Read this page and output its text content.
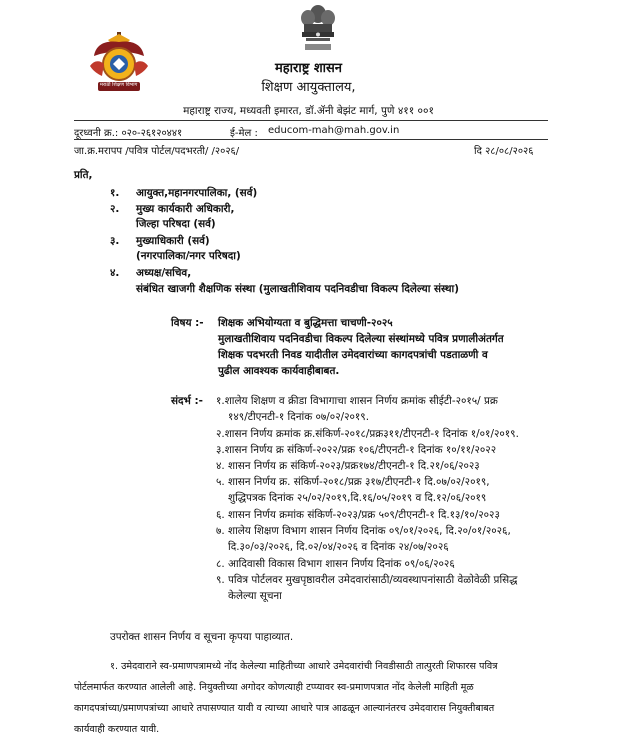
मराठी शिक्षण विभाग
महाराष्ट्र शासन
शिक्षण आयुक्तालय,
महाराष्ट्र राज्य, मध्यवती इमारत, डॉ.ॲनी बेझंट मार्ग, पुणे ४११ ००१
दूरध्वनी क्र.: ०२०-२६१२०४४१	ई-मेल : educom-mah@mah.gov.in
जा.क्र.मरापप /पवित्र पोर्टल/पदभरती/ /२०२६/	दि २८/०८/२०२६
प्रति,
१. आयुक्त,महानगरपालिका, (सर्व)
२. मुख्य कार्यकारी अधिकारी,
जिल्हा परिषदा (सर्व)
३. मुख्याधिकारी (सर्व)
(नगरपालिका/नगर परिषदा)
४. अध्यक्ष/सचिव,
संबंधित खाजगी शैक्षणिक संस्था (मुलाखतीशिवाय पदनिवडीचा विकल्प दिलेल्या संस्था)
विषय :- शिक्षक अभियोग्यता व बुद्धिमत्ता चाचणी-२०२५
मुलाखतीशिवाय पदनिवडीचा विकल्प दिलेल्या संस्थांमध्ये पवित्र प्रणालीअंतर्गत
शिक्षक पदभरती निवड यादीतील उमेदवारांच्या कागदपत्रांची पडताळणी व
पुढील आवश्यक कार्यवाहीबाबत.
संदर्भ :- १.शालेय शिक्षण व क्रीडा विभागाचा शासन निर्णय क्रमांक सीईटी-२०१५/ प्रक्र
१४९/टीएनटी-१ दिनांक ०७/०२/२०१९.
२.शासन निर्णय क्रमांक क्र.संकिर्ण-२०१८/प्रक्र३११/टीएनटी-१ दिनांक १/०१/२०१९.
३.शासन निर्णय क्र संकिर्ण-२०२२/प्रक्र १०६/टीएनटी-१ दिनांक १०/११/२०२२
४. शासन निर्णय क्र संकिर्ण-२०२३/प्रक्र१७४/टीएनटी-१ दि.२१/०६/२०२३
५. शासन निर्णय क्र. संकिर्ण-२०१८/प्रक्र ३१७/टीएनटी-१ दि.०७/०२/२०१९,
शुद्धिपत्रक दिनांक २५/०२/२०१९,दि.१६/०५/२०१९ व दि.१२/०६/२०१९
६. शासन निर्णय क्रमांक संकिर्ण-२०२३/प्रक्र ५०९/टीएनटी-१ दि.१३/१०/२०२३
७. शालेय शिक्षण विभाग शासन निर्णय दिनांक ०९/०१/२०२६, दि.२०/०१/२०२६,
दि.३०/०३/२०२६, दि.०२/०४/२०२६ व दिनांक २४/०७/२०२६
८. आदिवासी विकास विभाग शासन निर्णय दिनांक ०९/०६/२०२६
९. पवित्र पोर्टलवर मुखपृष्ठावरील उमेदवारांसाठी/व्यवस्थापनांसाठी वेळोवेळी प्रसिद्ध
केलेल्या सूचना
उपरोक्त शासन निर्णय व सूचना कृपया पाहाव्यात.
१. उमेदवाराने स्व-प्रमाणपत्रामध्ये नोंद केलेल्या माहितीच्या आधारे उमेदवारांची निवडीसाठी तात्पुरती शिफारस पवित्र
पोर्टलमार्फत करण्यात आलेली आहे. नियुक्तीच्या अगोदर कोणत्याही टप्प्यावर स्व-प्रमाणपत्रात नोंद केलेली माहिती मूळ
कागदपत्रांच्या/प्रमाणपत्रांच्या आधारे तपासण्यात यावी व त्याच्या आधारे पात्र आढळून आल्यानंतरच उमेदवारास नियुक्तीबाबत
कार्यवाही करण्यात यावी.
